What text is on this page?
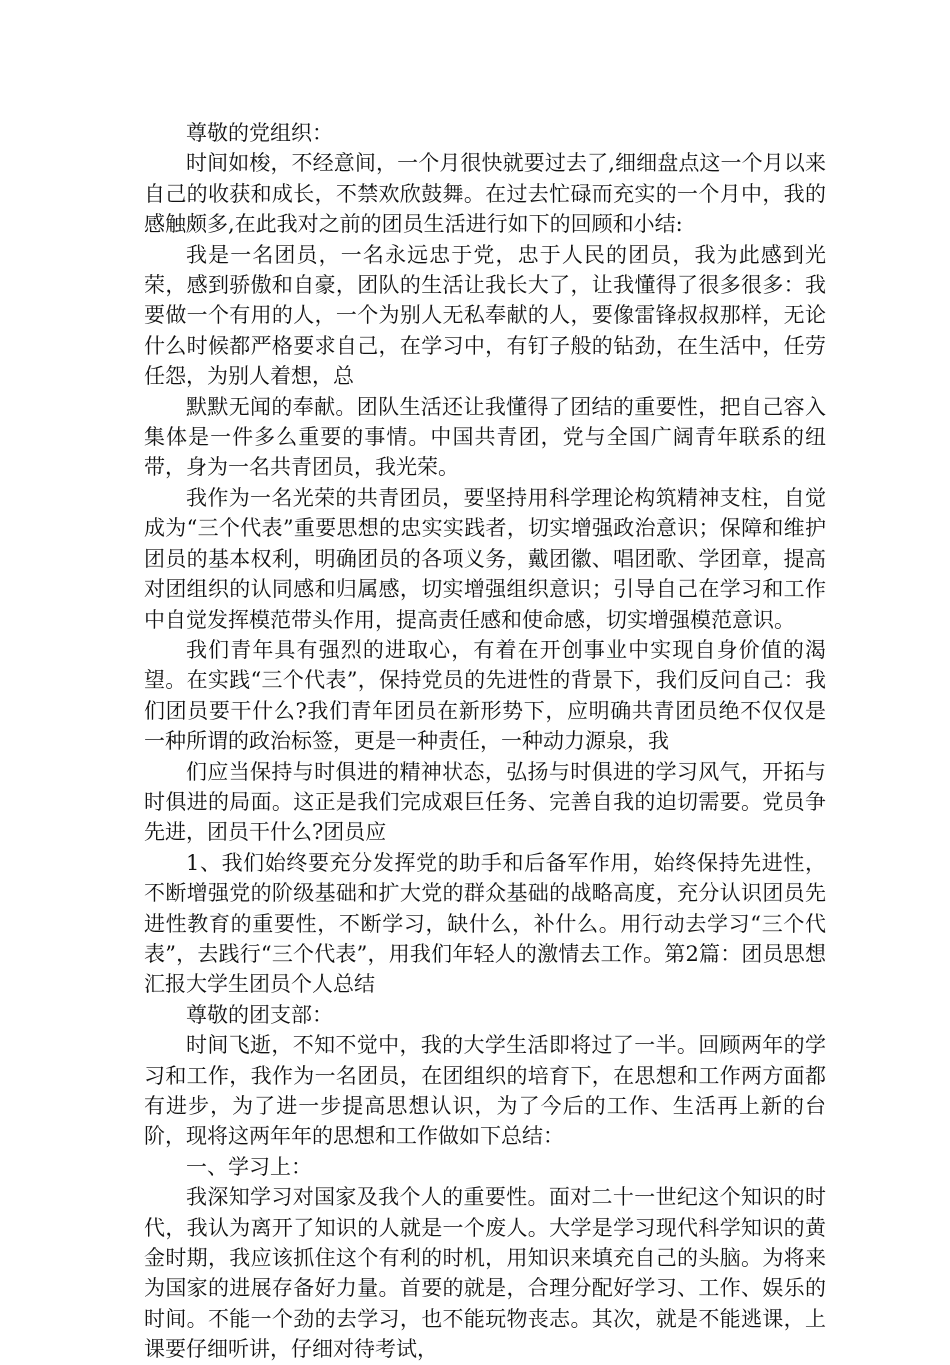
尊敬的党组织：

时间如梭，不经意间，一个月很快就要过去了,细细盘点这一个月以来自己的收获和成长，不禁欢欣鼓舞。在过去忙碌而充实的一个月中，我的感触颇多,在此我对之前的团员生活进行如下的回顾和小结:

我是一名团员，一名永远忠于党，忠于人民的团员，我为此感到光荣，感到骄傲和自豪，团队的生活让我长大了，让我懂得了很多很多：我要做一个有用的人，一个为别人无私奉献的人，要像雷锋叔叔那样，无论什么时候都严格要求自己，在学习中，有钉子般的钻劲，在生活中，任劳任怨，为别人着想，总

默默无闻的奉献。团队生活还让我懂得了团结的重要性，把自己容入集体是一件多么重要的事情。中国共青团，党与全国广阔青年联系的纽带，身为一名共青团员，我光荣。

我作为一名光荣的共青团员，要坚持用科学理论构筑精神支柱，自觉成为“三个代表”重要思想的忠实实践者，切实增强政治意识；保障和维护团员的基本权利，明确团员的各项义务，戴团徽、唱团歌、学团章，提高对团组织的认同感和归属感，切实增强组织意识；引导自己在学习和工作中自觉发挥模范带头作用，提高责任感和使命感，切实增强模范意识。

我们青年具有强烈的进取心，有着在开创事业中实现自身价值的渴望。在实践“三个代表”，保持党员的先进性的背景下，我们反问自己：我们团员要干什么?我们青年团员在新形势下，应明确共青团员绝不仅仅是一种所谓的政治标签，更是一种责任，一种动力源泉，我

们应当保持与时俱进的精神状态，弘扬与时俱进的学习风气，开拓与时俱进的局面。这正是我们完成艰巨任务、完善自我的迫切需要。党员争先进，团员干什么?团员应

1、我们始终要充分发挥党的助手和后备军作用，始终保持先进性，不断增强党的阶级基础和扩大党的群众基础的战略高度，充分认识团员先进性教育的重要性，不断学习，缺什么，补什么。用行动去学习“三个代表”，去践行“三个代表”，用我们年轻人的激情去工作。第2篇：团员思想汇报大学生团员个人总结

尊敬的团支部：

时间飞逝，不知不觉中，我的大学生活即将过了一半。回顾两年的学习和工作，我作为一名团员，在团组织的培育下，在思想和工作两方面都有进步，为了进一步提高思想认识，为了今后的工作、生活再上新的台阶，现将这两年年的思想和工作做如下总结：

一、学习上：

我深知学习对国家及我个人的重要性。面对二十一世纪这个知识的时代，我认为离开了知识的人就是一个废人。大学是学习现代科学知识的黄金时期，我应该抓住这个有利的时机，用知识来填充自己的头脑。为将来为国家的进展存备好力量。首要的就是，合理分配好学习、工作、娱乐的时间。不能一个劲的去学习，也不能玩物丧志。其次，就是不能逃课，上课要仔细听讲，仔细对待考试，
